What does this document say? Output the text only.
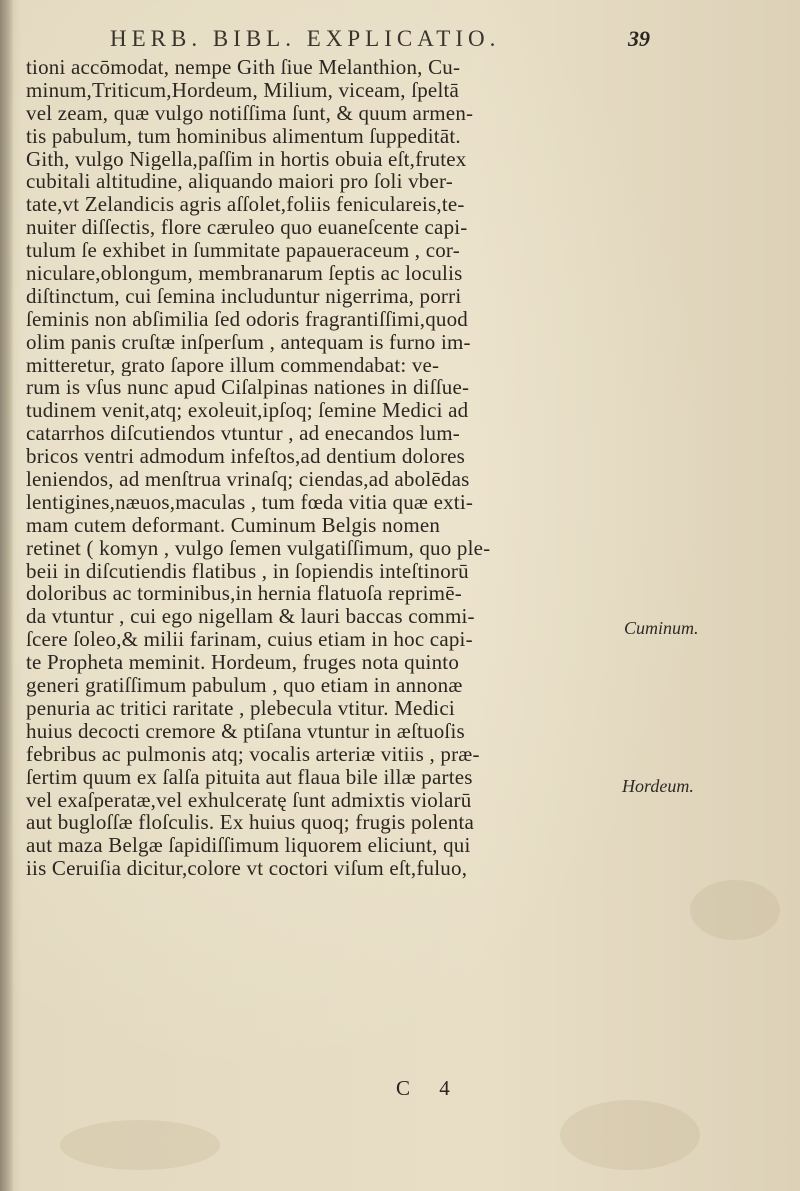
HERB. BIBL. EXPLICATIO.	39
tioni accōmodat, nempe Gith ſiue Melanthion, Cu-
minum,Triticum,Hordeum, Milium, viceam, ſpeltā
vel zeam, quæ vulgo notiſſima ſunt, & quum armen-
tis pabulum, tum hominibus alimentum ſuppeditāt.
Gith, vulgo Nigella,paſſim in hortis obuia eſt,frutex
cubitali altitudine, aliquando maiori pro ſoli vber-
tate,vt Zelandicis agris aſſolet,foliis feniculareis,te-
nuiter diſſectis, flore cæruleo quo euaneſcente capi-
tulum ſe exhibet in ſummitate papaueraceum , cor-
niculare,oblongum, membranarum ſeptis ac loculis
diſtinctum, cui ſemina includuntur nigerrima, porri
ſeminis non abſimilia ſed odoris fragrantiſſimi,quod
olim panis cruſtæ inſperſum , antequam is furno im-
mitteretur, grato ſapore illum commendabat: ve-
rum is vſus nunc apud Ciſalpinas nationes in diſſue-
tudinem venit,atq; exoleuit,ipſoq; ſemine Medici ad
catarrhos diſcutiendos vtuntur , ad enecandos lum-
bricos ventri admodum infeſtos,ad dentium dolores
leniendos, ad menſtrua vrinaſq; ciendas,ad abolēdas
lentigines,næuos,maculas , tum fœda vitia quæ exti-
mam cutem deformant. Cuminum Belgis nomen
retinet ( komyn , vulgo ſemen vulgatiſſimum, quo ple-
beii in diſcutiendis flatibus , in ſopiendis inteſtinorū
doloribus ac torminibus,in hernia flatuoſa reprimē-
da vtuntur , cui ego nigellam & lauri baccas commi-
ſcere ſoleo,& milii farinam, cuius etiam in hoc capi-
te Propheta meminit. Hordeum, fruges nota quinto
generi gratiſſimum pabulum , quo etiam in annonæ
penuria ac tritici raritate , plebecula vtitur. Medici
huius decocti cremore & ptiſana vtuntur in æſtuoſis
febribus ac pulmonis atq; vocalis arteriæ vitiis , præ-
ſertim quum ex ſalſa pituita aut flaua bile illæ partes
vel exaſperatæ,vel exhulceratę ſunt admixtis violarū
aut bugloſſæ floſculis. Ex huius quoq; frugis polenta
aut maza Belgæ ſapidiſſimum liquorem eliciunt, qui
iis Ceruiſia dicitur,colore vt coctori viſum eſt,fuluo,
Cuminum.
Hordeum.
C 4
